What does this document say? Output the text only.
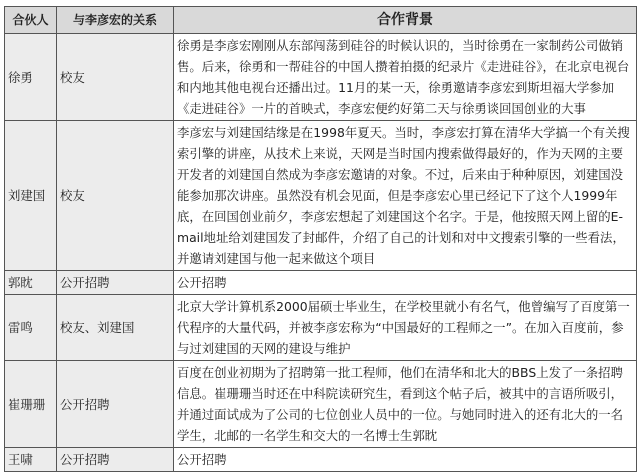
合伙人	与李彦宏的关系	合作背景
徐勇	校友	徐勇是李彦宏刚刚从东部闯荡到硅谷的时候认识的，当时徐勇在一家制药公司做销售。后来，徐勇和一帮硅谷的中国人攒着拍摄的纪录片《走进硅谷》，在北京电视台和内地其他电视台还播出过。11月的某一天，徐勇邀请李彦宏到斯坦福大学参加《走进硅谷》一片的首映式，李彦宏便约好第二天与徐勇谈回国创业的大事
刘建国	校友	李彦宏与刘建国结缘是在1998年夏天。当时，李彦宏打算在清华大学搞一个有关搜索引擎的讲座，从技术上来说，天网是当时国内搜索做得最好的，作为天网的主要开发者的刘建国自然成为李彦宏邀请的对象。不过，后来由于种种原因，刘建国没能参加那次讲座。虽然没有机会见面，但是李彦宏心里已经记下了这个人1999年底，在回国创业前夕，李彦宏想起了刘建国这个名字。于是，他按照天网上留的E-mail地址给刘建国发了封邮件，介绍了自己的计划和对中文搜索引擎的一些看法，并邀请刘建国与他一起来做这个项目
郭眈	公开招聘	公开招聘
雷鸣	校友、刘建国	北京大学计算机系2000届硕士毕业生，在学校里就小有名气，他曾编写了百度第一代程序的大量代码，并被李彦宏称为“中国最好的工程师之一”。在加入百度前，参与过刘建国的天网的建设与维护
崔珊珊	公开招聘	百度在创业初期为了招聘第一批工程师，他们在清华和北大的BBS上发了一条招聘信息。崔珊珊当时还在中科院读研究生，看到这个帖子后，被其中的言语所吸引，并通过面试成为了公司的七位创业人员中的一位。与她同时进入的还有北大的一名学生，北邮的一名学生和交大的一名博士生郭眈
王啸	公开招聘	公开招聘
